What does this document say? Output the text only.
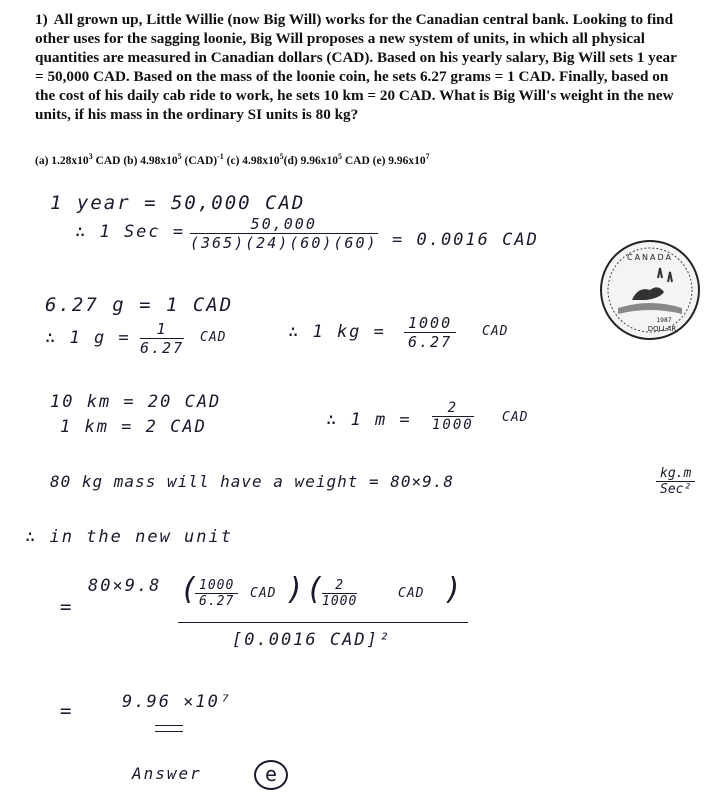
1) All grown up, Little Willie (now Big Will) works for the Canadian central bank. Looking to find other uses for the sagging loonie, Big Will proposes a new system of units, in which all physical quantities are measured in Canadian dollars (CAD). Based on his yearly salary, Big Will sets 1 year = 50,000 CAD. Based on the mass of the loonie coin, he sets 6.27 grams = 1 CAD. Finally, based on the cost of his daily cab ride to work, he sets 10 km = 20 CAD. What is Big Will's weight in the new units, if his mass in the ordinary SI units is 80 kg?
(a) $1.28x10^3$ CAD (b) $4.98x10^5$ (CAD)$^{-1}$ (c) $4.98x10^5(d)$ $9.96x10^5$ CAD (e) $9.96x10^7$
1 year = 50,000 CAD
∴ 1 Sec = $\frac{50,000}{(365)(24)(60)(60)} = 0.0016$ CAD
6.27 g = 1 CAD
∴ 1 $g = \frac{1}{6.27}$ CAD	∴ 1 kg = $\frac{1000}{6.27}$ CAD
10 km = 20 CAD
1 km = 2 CAD	∴ 1 $m = \frac{2}{1000}$ CAD
80 kg mass will have a weight = 80×9.8	kg.m
Sec²
∴ in the new unit
=
80×9.8 (
$\frac{1000}{6.27}$ CAD )(
$\frac{2}{1000}$	CAD )
[0.0016 CAD]²
=	9.96 ×10⁷
Answer	e
CANADA
1987
DOLLAR
